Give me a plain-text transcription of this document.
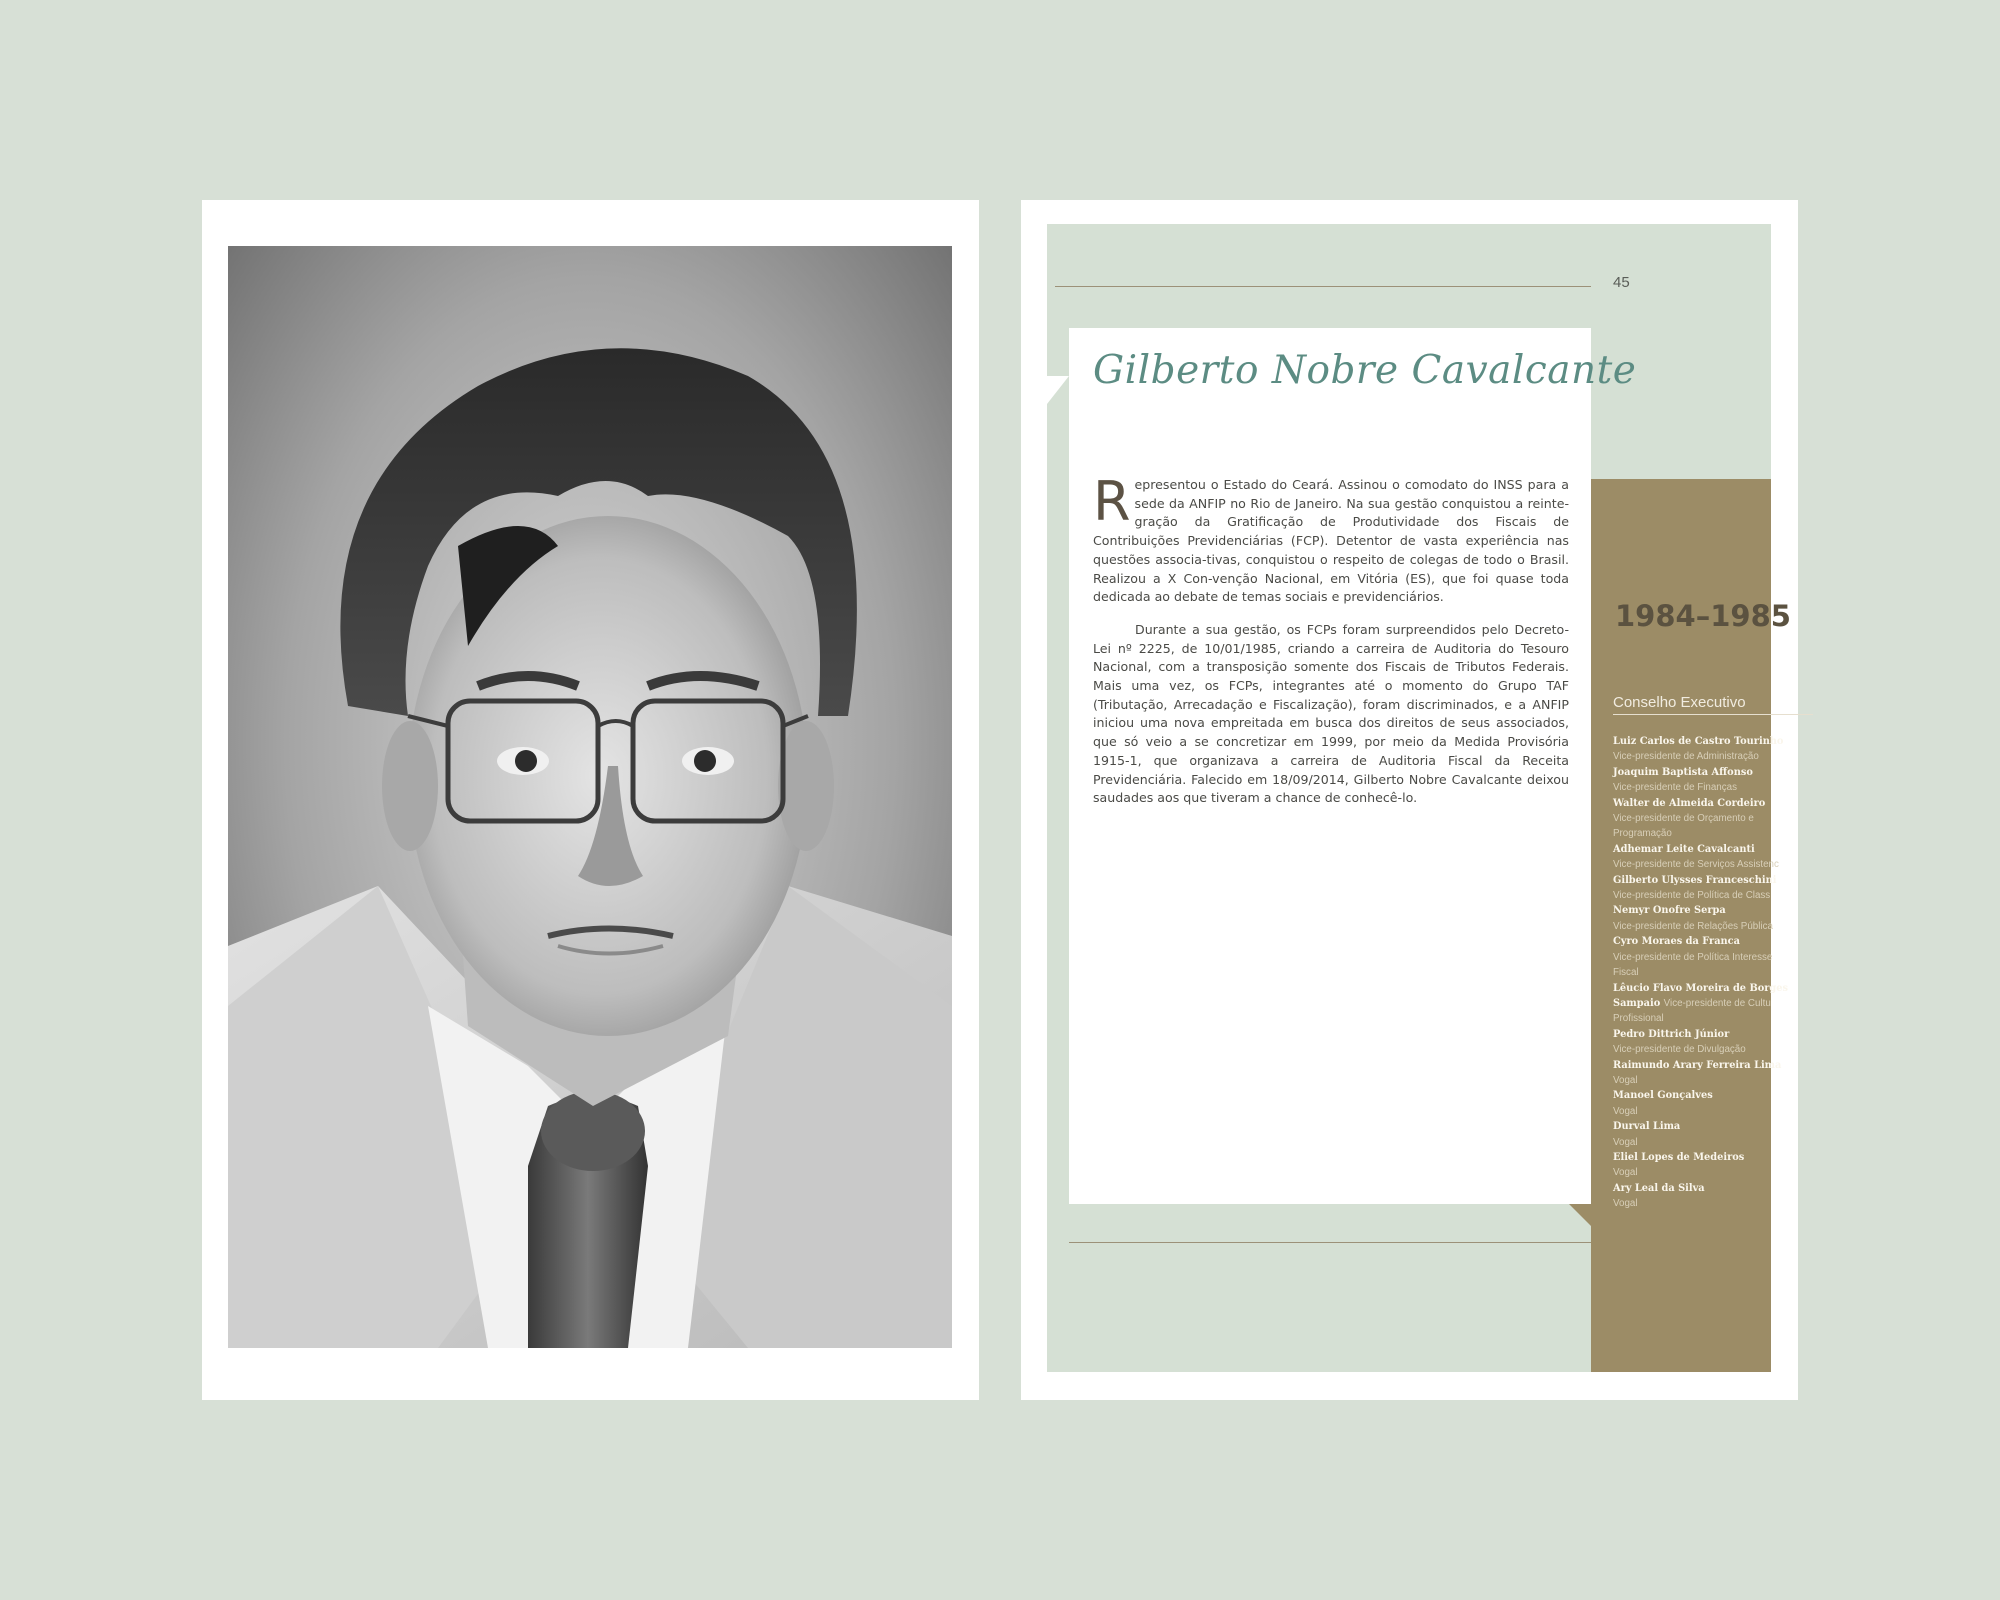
45
Gilberto Nobre Cavalcante

Representou o Estado do Ceará. Assinou o comodato do INSS para a sede da ANFIP no Rio de Janeiro. Na sua gestão conquistou a reinte-gração da Gratificação de Produtividade dos Fiscais de Contribuições Previdenciárias (FCP). Detentor de vasta experiência nas questões associa-tivas, conquistou o respeito de colegas de todo o Brasil. Realizou a X Con-venção Nacional, em Vitória (ES), que foi quase toda dedicada ao debate de temas sociais e previdenciários.

Durante a sua gestão, os FCPs foram surpreendidos pelo Decreto-Lei nº 2225, de 10/01/1985, criando a carreira de Auditoria do Tesouro Nacional, com a transposição somente dos Fiscais de Tributos Federais. Mais uma vez, os FCPs, integrantes até o momento do Grupo TAF (Tributação, Arrecadação e Fiscalização), foram discriminados, e a ANFIP iniciou uma nova empreitada em busca dos direitos de seus associados, que só veio a se concretizar em 1999, por meio da Medida Provisória 1915-1, que organizava a carreira de Auditoria Fiscal da Receita Previdenciária. Falecido em 18/09/2014, Gilberto Nobre Cavalcante deixou saudades aos que tiveram a chance de conhecê-lo.

1984–1985
Conselho Executivo
Luiz Carlos de Castro Tourinho
Vice-presidente de Administração
Joaquim Baptista Affonso
Vice-presidente de Finanças
Walter de Almeida Cordeiro
Vice-presidente de Orçamento e
Programação
Adhemar Leite Cavalcanti
Vice-presidente de Serviços Assistenc
Gilberto Ulysses Franceschini
Vice-presidente de Política de Class
Nemyr Onofre Serpa
Vice-presidente de Relações Pública
Cyro Moraes da Franca
Vice-presidente de Política Interesse
Fiscal
Lêucio Flavo Moreira de Borges
Sampaio Vice-presidente de Cultu
Profissional
Pedro Dittrich Júnior
Vice-presidente de Divulgação
Raimundo Arary Ferreira Lima
Vogal
Manoel Gonçalves
Vogal
Durval Lima
Vogal
Eliel Lopes de Medeiros
Vogal
Ary Leal da Silva
Vogal
